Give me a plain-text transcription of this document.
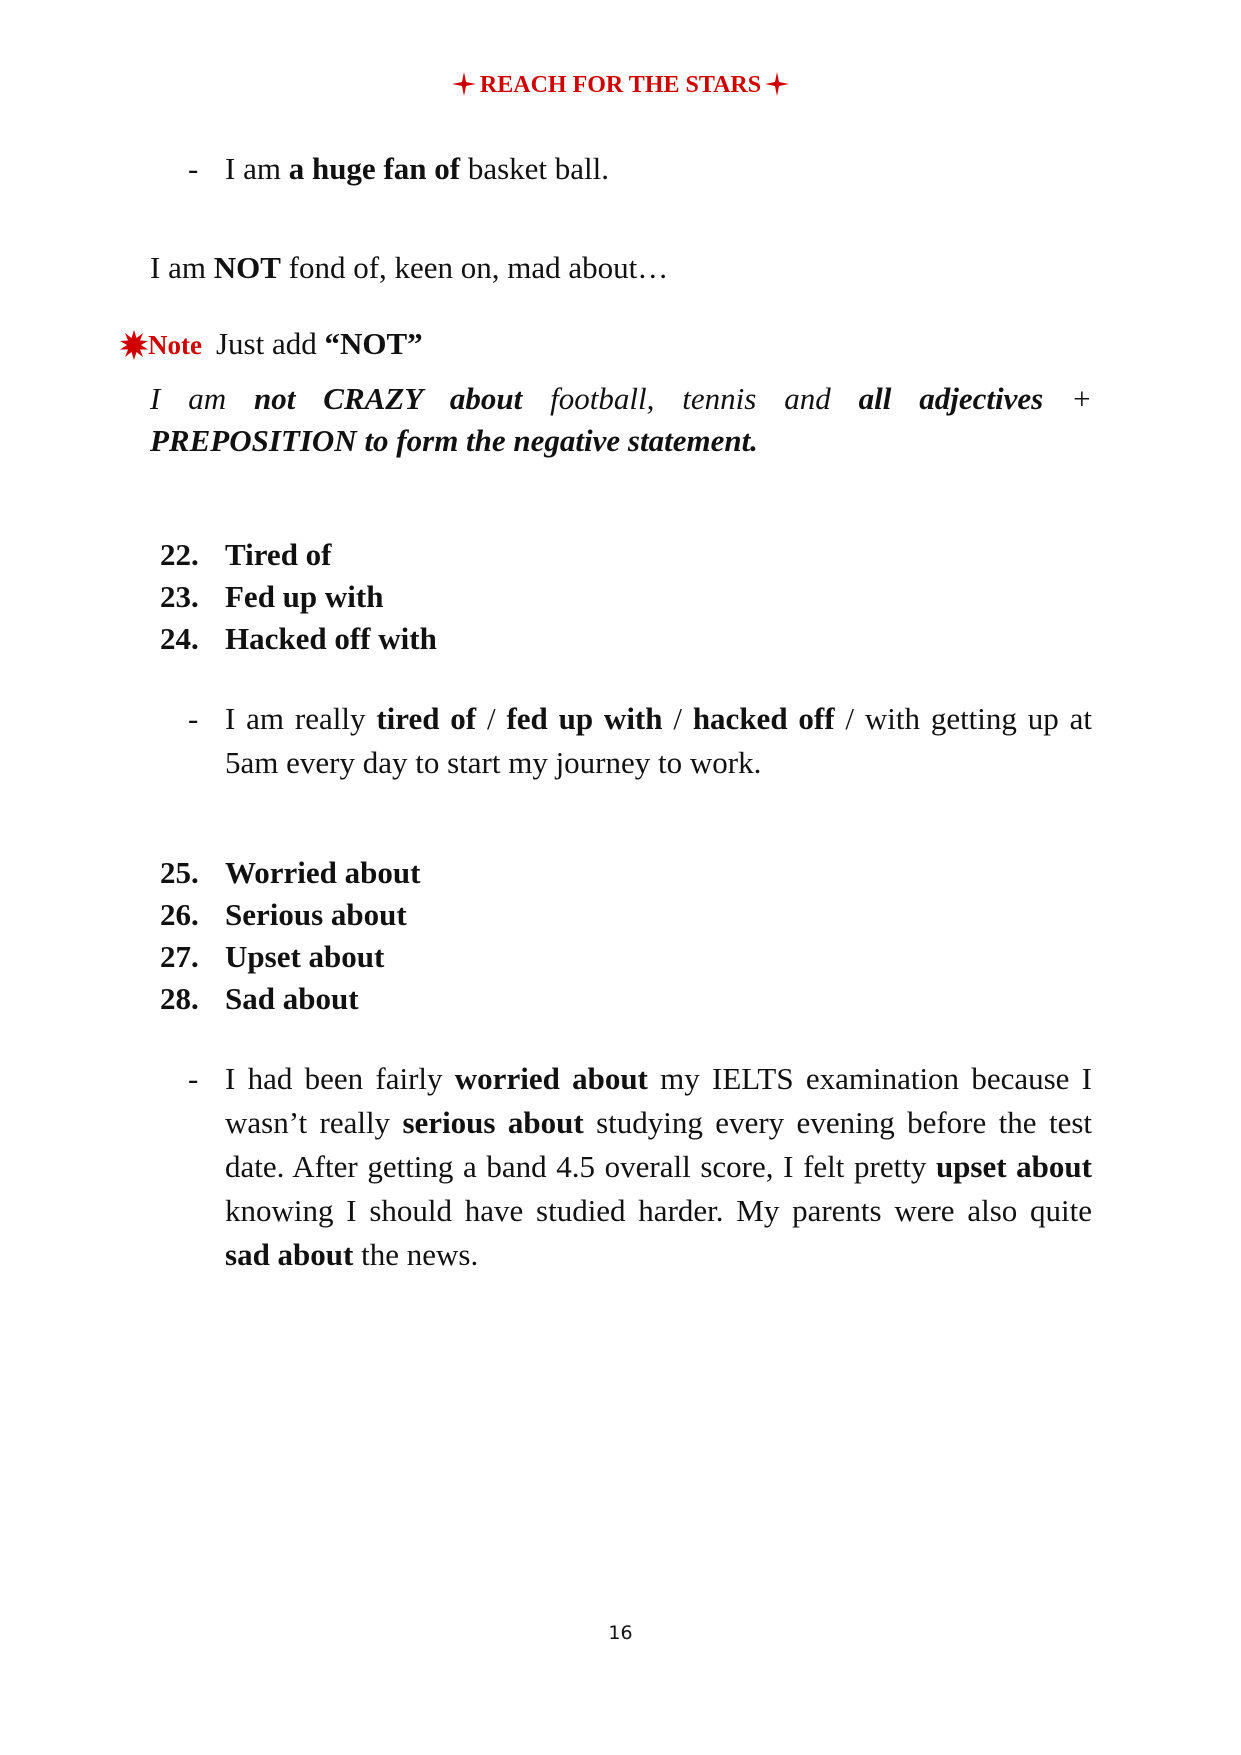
REACH FOR THE STARS
- I am a huge fan of basket ball.
I am NOT fond of, keen on, mad about…
Note Just add “NOT”
I am not CRAZY about football, tennis and all adjectives + PREPOSITION to form the negative statement.
22. Tired of
23. Fed up with
24. Hacked off with
- I am really tired of / fed up with / hacked off / with getting up at 5am every day to start my journey to work.
25. Worried about
26. Serious about
27. Upset about
28. Sad about
- I had been fairly worried about my IELTS examination because I wasn’t really serious about studying every evening before the test date. After getting a band 4.5 overall score, I felt pretty upset about knowing I should have studied harder. My parents were also quite sad about the news.
16
